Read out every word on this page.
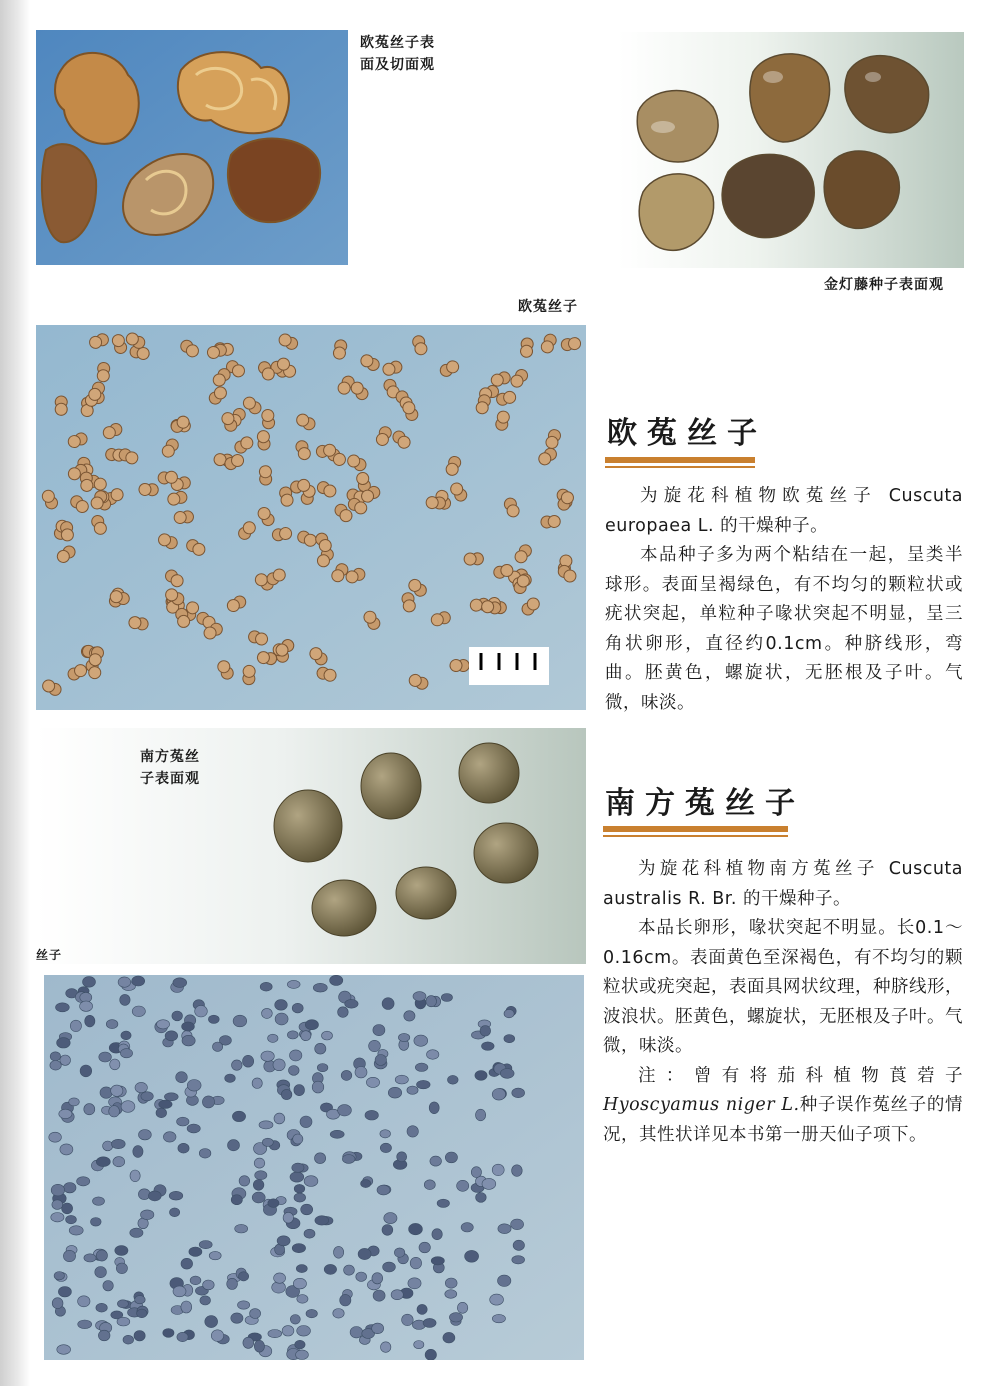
欧菟丝子表
面及切面观
金灯藤种子表面观
欧菟丝子
欧菟丝子

为旋花科植物欧菟丝子 Cuscuta europaea L. 的干燥种子。

本品种子多为两个粘结在一起，呈类半球形。表面呈褐绿色，有不均匀的颗粒状或疣状突起，单粒种子喙状突起不明显，呈三角状卵形，直径约0.1cm。种脐线形，弯曲。胚黄色，螺旋状，无胚根及子叶。气微，味淡。

南方菟丝
子表面观
丝子
南方菟丝子

为旋花科植物南方菟丝子 Cuscuta australis R. Br. 的干燥种子。

本品长卵形，喙状突起不明显。长0.1～0.16cm。表面黄色至深褐色，有不均匀的颗粒状或疣突起，表面具网状纹理，种脐线形，波浪状。胚黄色，螺旋状，无胚根及子叶。气微，味淡。

注：曾有将茄科植物莨菪子Hyoscyamus niger L.种子误作菟丝子的情况，其性状详见本书第一册天仙子项下。
